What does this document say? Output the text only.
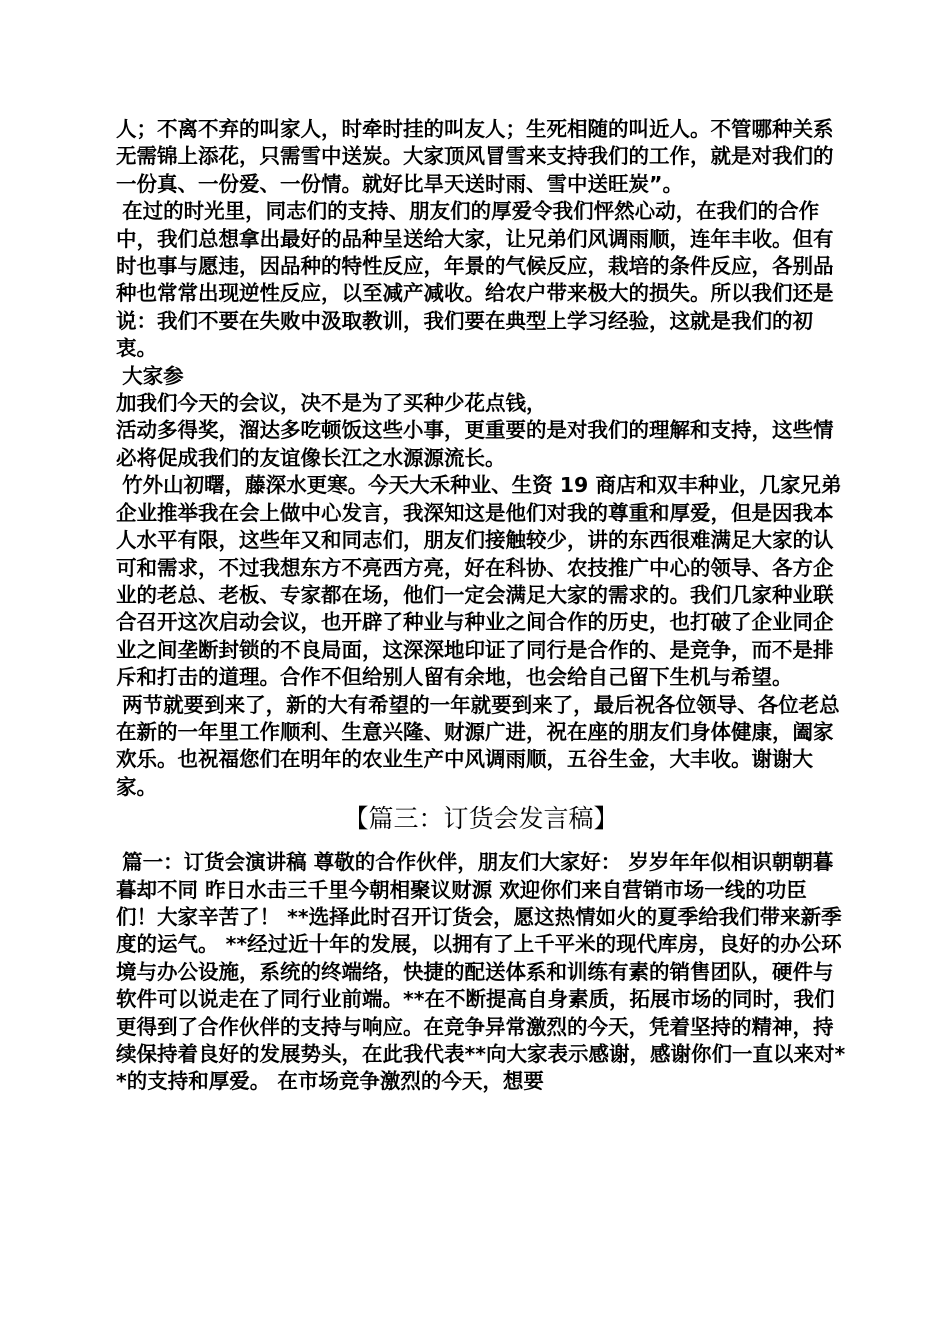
人；不离不弃的叫家人，时牵时挂的叫友人；生死相随的叫近人。不管哪种关系无需锦上添花，只需雪中送炭。大家顶风冒雪来支持我们的工作，就是对我们的一份真、一份爱、一份情。就好比旱天送时雨、雪中送旺炭”。

在过的时光里，同志们的支持、朋友们的厚爱令我们怦然心动，在我们的合作中，我们总想拿出最好的品种呈送给大家，让兄弟们风调雨顺，连年丰收。但有时也事与愿违，因品种的特性反应，年景的气候反应，栽培的条件反应，各别品种也常常出现逆性反应，以至减产减收。给农户带来极大的损失。所以我们还是说：我们不要在失败中汲取教训，我们要在典型上学习经验，这就是我们的初衷。

大家参

加我们今天的会议，决不是为了买种少花点钱，

活动多得奖，溜达多吃顿饭这些小事，更重要的是对我们的理解和支持，这些情必将促成我们的友谊像长江之水源源流长。

竹外山初曙，藤深水更寒。今天大禾种业、生资 19 商店和双丰种业，几家兄弟企业推举我在会上做中心发言，我深知这是他们对我的尊重和厚爱，但是因我本人水平有限，这些年又和同志们，朋友们接触较少，讲的东西很难满足大家的认可和需求，不过我想东方不亮西方亮，好在科协、农技推广中心的领导、各方企业的老总、老板、专家都在场，他们一定会满足大家的需求的。我们几家种业联合召开这次启动会议，也开辟了种业与种业之间合作的历史，也打破了企业同企业之间垄断封锁的不良局面，这深深地印证了同行是合作的、是竞争，而不是排斥和打击的道理。合作不但给别人留有余地，也会给自己留下生机与希望。

两节就要到来了，新的大有希望的一年就要到来了，最后祝各位领导、各位老总在新的一年里工作顺利、生意兴隆、财源广进，祝在座的朋友们身体健康，阖家欢乐。也祝福您们在明年的农业生产中风调雨顺，五谷生金，大丰收。谢谢大家。

【篇三：订货会发言稿】

篇一：订货会演讲稿 尊敬的合作伙伴，朋友们大家好： 岁岁年年似相识朝朝暮暮却不同 昨日水击三千里今朝相聚议财源 欢迎你们来自营销市场一线的功臣们！大家辛苦了！ **选择此时召开订货会，愿这热情如火的夏季给我们带来新季度的运气。 **经过近十年的发展，以拥有了上千平米的现代库房，良好的办公环境与办公设施，系统的终端络，快捷的配送体系和训练有素的销售团队，硬件与软件可以说走在了同行业前端。**在不断提高自身素质，拓展市场的同时，我们更得到了合作伙伴的支持与响应。在竞争异常激烈的今天，凭着坚持的精神，持续保持着良好的发展势头，在此我代表**向大家表示感谢，感谢你们一直以来对**的支持和厚爱。 在市场竞争激烈的今天，想要
